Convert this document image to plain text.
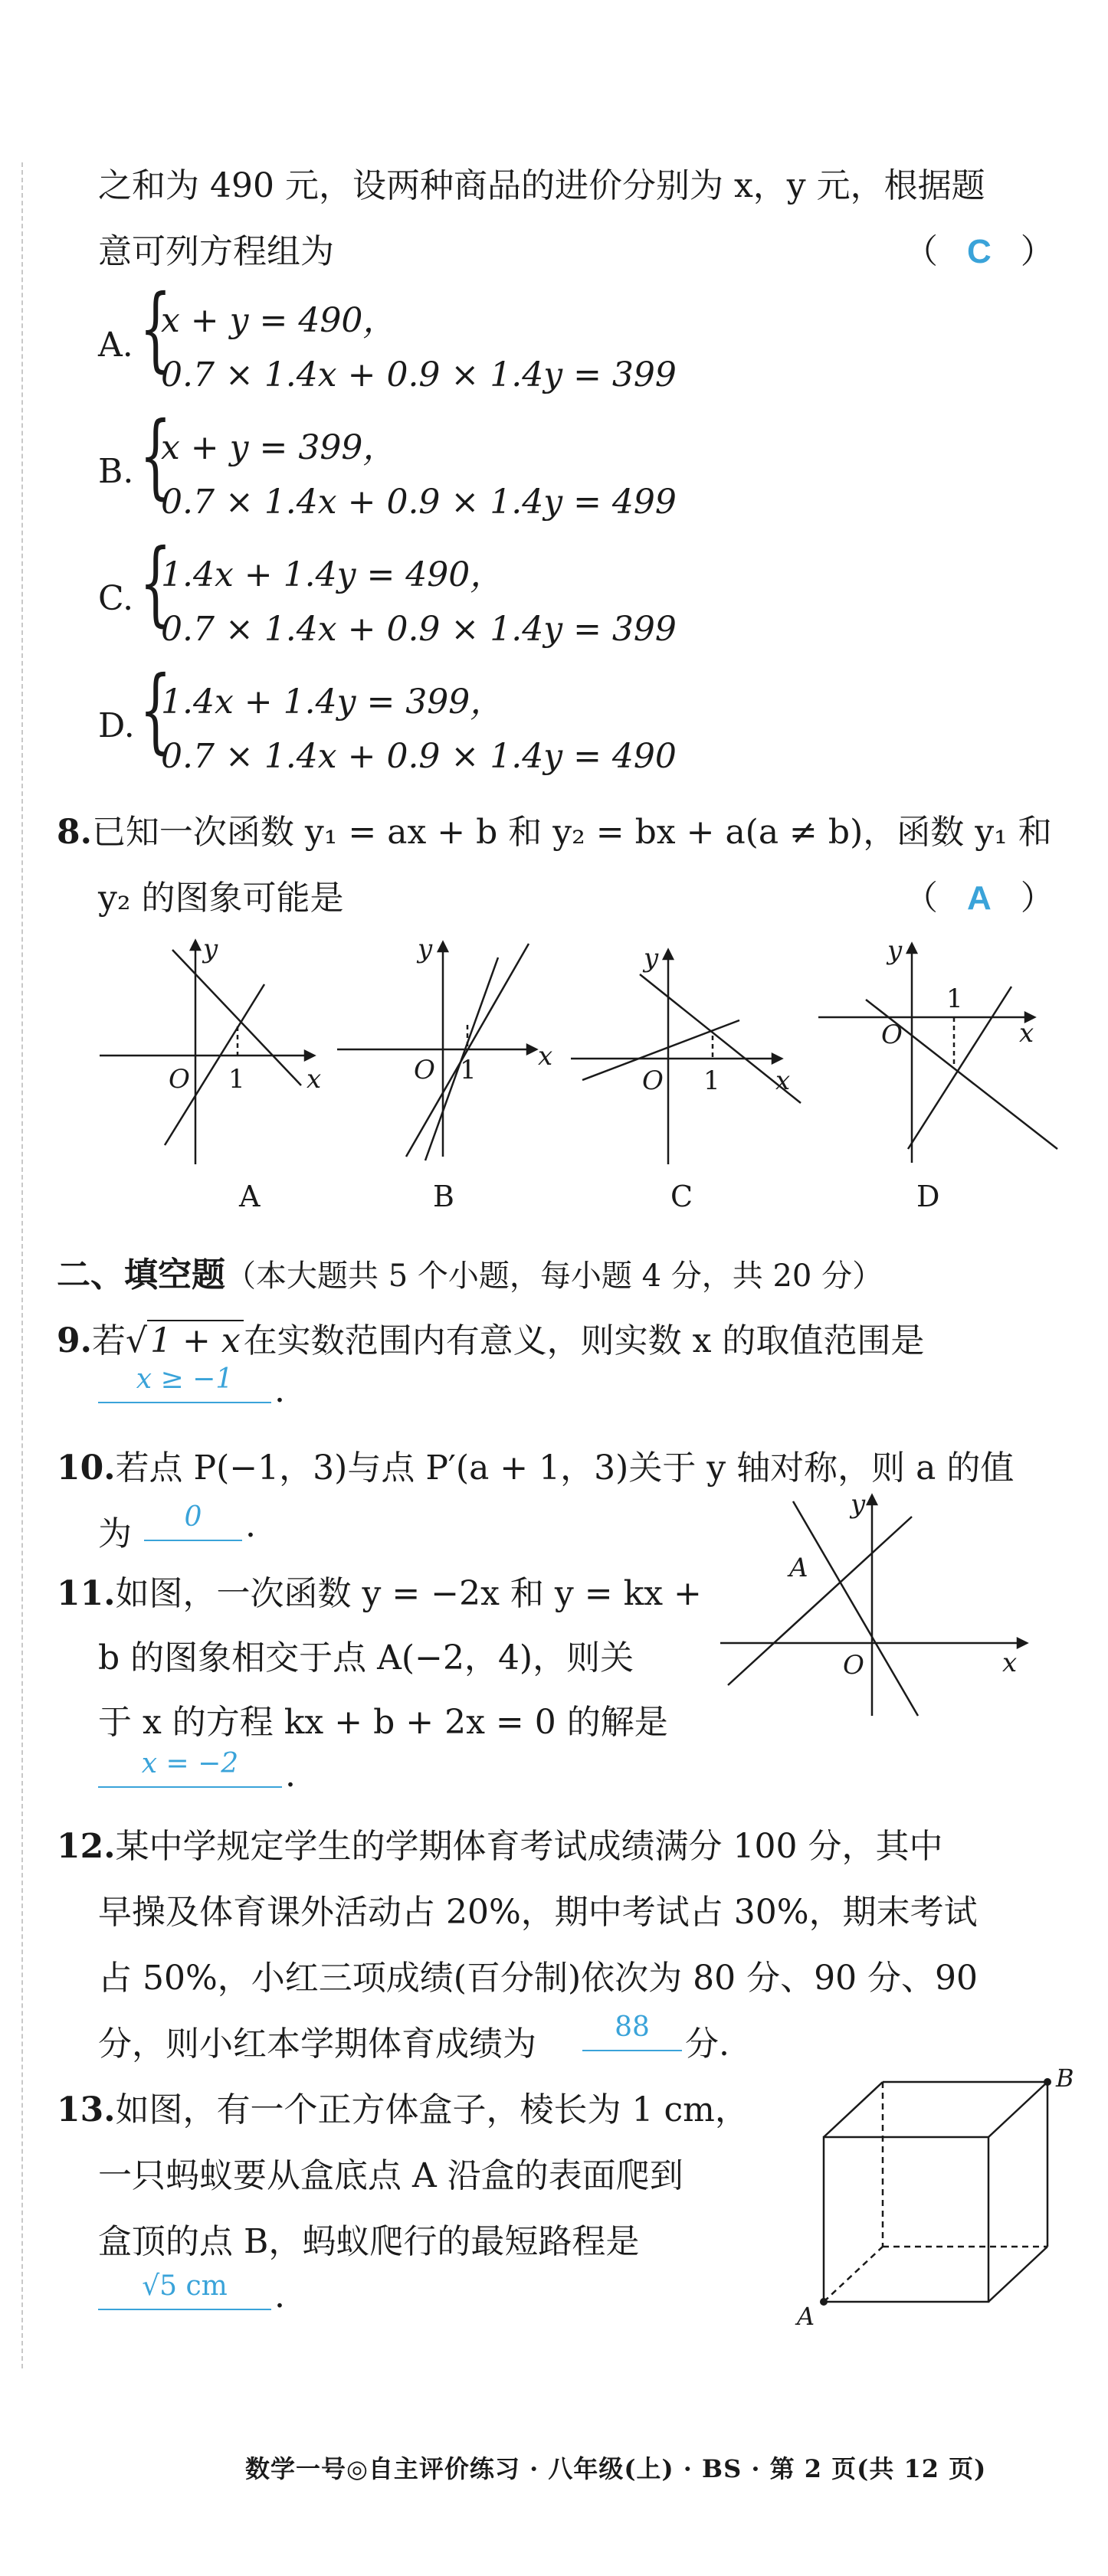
之和为 490 元，设两种商品的进价分别为 x，y 元，根据题
意可列方程组为	（ C ）
A. {
x + y = 490，
0.7 × 1.4x + 0.9 × 1.4y = 399
B. {
x + y = 399，
0.7 × 1.4x + 0.9 × 1.4y = 499
C. {
1.4x + 1.4y = 490，
0.7 × 1.4x + 0.9 × 1.4y = 399
D. {
1.4x + 1.4y = 399，
0.7 × 1.4x + 0.9 × 1.4y = 490
8.已知一次函数 y₁ = ax + b 和 y₂ = bx + a(a ≠ b)，函数 y₁ 和
y₂ 的图象可能是	（ A ）
y
x
O 1
A
y
x
O 1
B
y
x
O 1
C
y
x
O
1
D
二、填空题（本大题共 5 个小题，每小题 4 分，共 20 分）
9.若√1 + x在实数范围内有意义，则实数 x 的取值范围是
x ≥ −1	.
10.若点 P(−1，3)与点 P′(a + 1，3)关于 y 轴对称，则 a 的值
为	0	.
11.如图，一次函数 y = −2x 和 y = kx +
b 的图象相交于点 A(−2，4)，则关
于 x 的方程 kx + b + 2x = 0 的解是
x = −2	.
y
x
O
A
12.某中学规定学生的学期体育考试成绩满分 100 分，其中
早操及体育课外活动占 20%，期中考试占 30%，期末考试
占 50%，小红三项成绩(百分制)依次为 80 分、90 分、90
分，则小红本学期体育成绩为	88	分.
13.如图，有一个正方体盒子，棱长为 1 cm，
一只蚂蚁要从盒底点 A 沿盒的表面爬到
盒顶的点 B，蚂蚁爬行的最短路程是
√5 cm	.
A
B
数学一号◎自主评价练习 · 八年级(上) · BS · 第 2 页(共 12 页)
